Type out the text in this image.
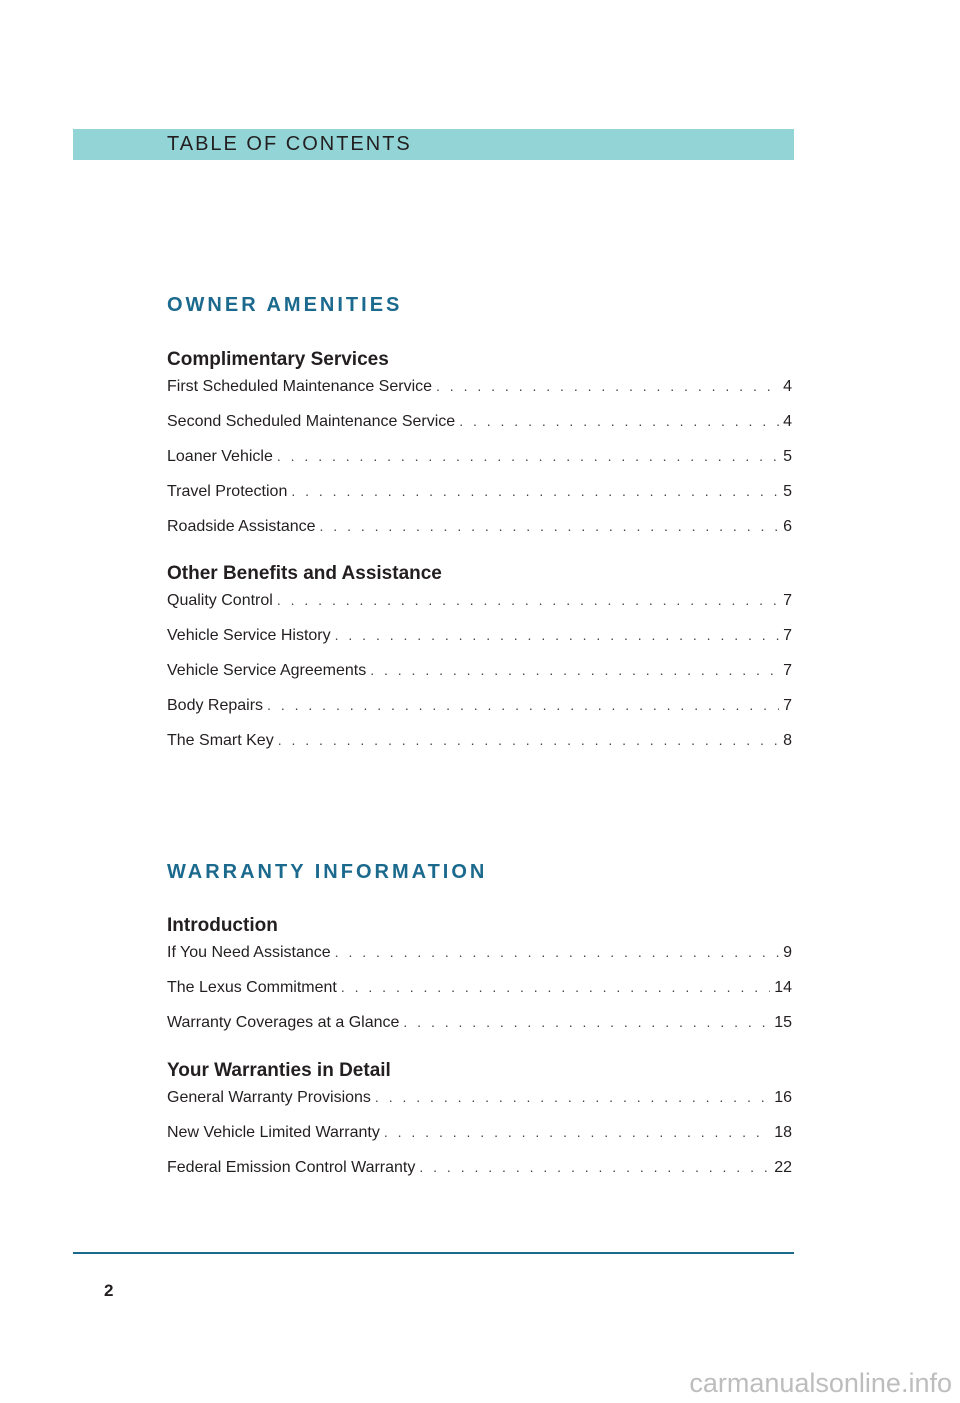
TABLE OF CONTENTS
OWNER AMENITIES
Complimentary Services
First Scheduled Maintenance Service . . .	4
Second Scheduled Maintenance Service . . .	4
Loaner Vehicle . . .	5
Travel Protection . . .	5
Roadside Assistance . . .	6
Other Benefits and Assistance
Quality Control . . .	7
Vehicle Service History . . .	7
Vehicle Service Agreements . . .	7
Body Repairs . . .	7
The Smart Key . . .	8
WARRANTY INFORMATION
Introduction
If You Need Assistance . . .	9
The Lexus Commitment . . .	14
Warranty Coverages at a Glance . . .	15
Your Warranties in Detail
General Warranty Provisions . . .	16
New Vehicle Limited Warranty . . .	18
Federal Emission Control Warranty . . .	22
2
carmanualsonline.info
